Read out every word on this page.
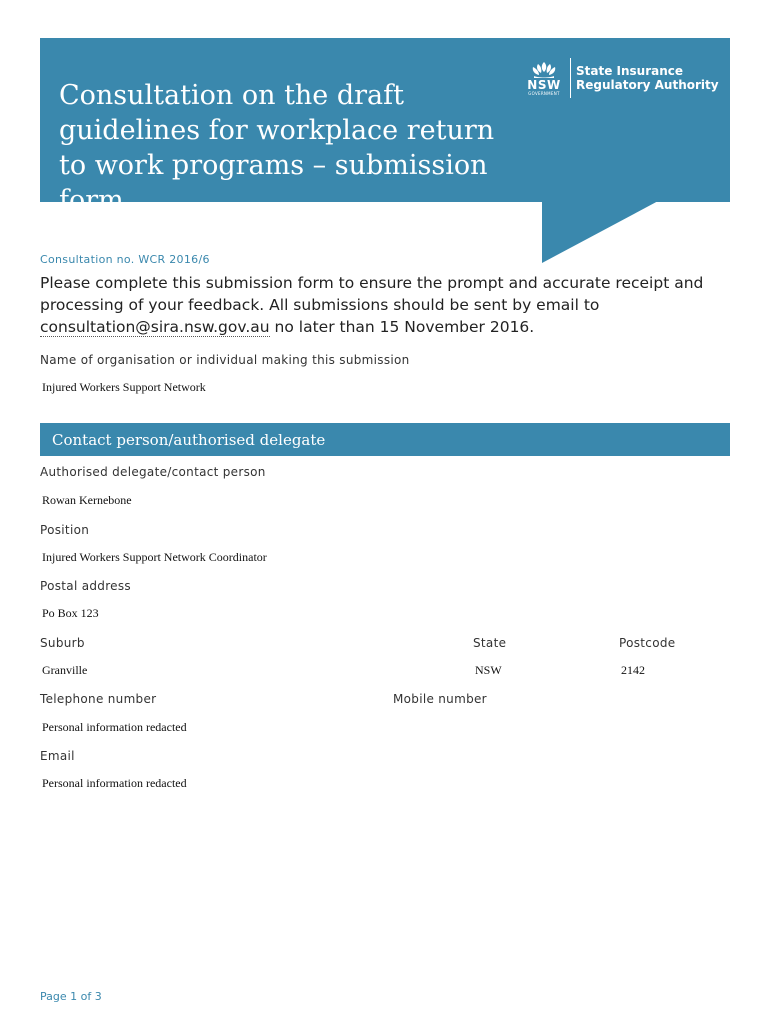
Consultation on the draft guidelines for workplace return to work programs – submission form
NSW
GOVERNMENT
State Insurance
Regulatory Authority

Consultation no. WCR 2016/6

Please complete this submission form to ensure the prompt and accurate receipt and processing of your feedback. All submissions should be sent by email to consultation@sira.nsw.gov.au no later than 15 November 2016.

Name of organisation or individual making this submission

Injured Workers Support Network

Contact person/authorised delegate

Authorised delegate/contact person

Rowan Kernebone

Position

Injured Workers Support Network Coordinator

Postal address

Po Box 123

Suburb

Granville

State

NSW

Postcode

2142

Telephone number

Personal information redacted

Mobile number

Email

Personal information redacted

Page 1 of 3
